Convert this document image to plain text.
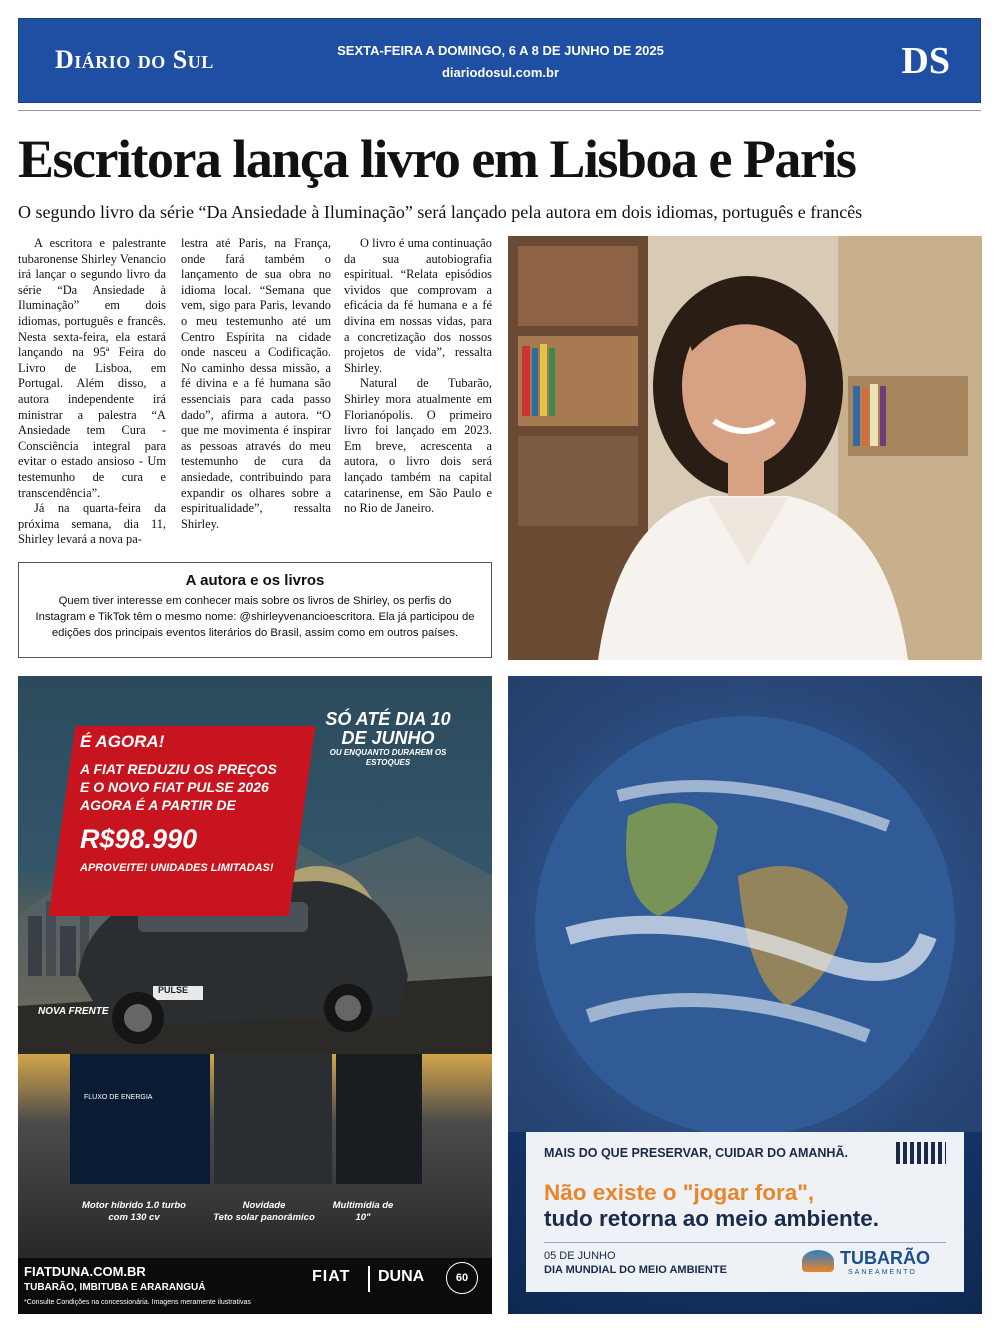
Diário do Sul	SEXTA-FEIRA A DOMINGO, 6 A 8 DE JUNHO DE 2025
diariodosul.com.br	DS
Escritora lança livro em Lisboa e Paris
O segundo livro da série “Da Ansiedade à Iluminação” será lançado pela autora em dois idiomas, português e francês

A escritora e palestrante tubaronense Shirley Venancio irá lançar o segundo livro da série “Da Ansiedade à Iluminação” em dois idiomas, português e francês. Nesta sexta-feira, ela estará lançando na 95ª Feira do Livro de Lisboa, em Portugal. Além disso, a autora independente irá ministrar a palestra “A Ansiedade tem Cura - Consciência integral para evitar o estado ansioso - Um testemunho de cura e transcendência”.

Já na quarta-feira da próxima semana, dia 11, Shirley levará a nova pa-

lestra até Paris, na França, onde fará também o lançamento de sua obra no idioma local. “Semana que vem, sigo para Paris, levando o meu testemunho até um Centro Espírita na cidade onde nasceu a Codificação. No caminho dessa missão, a fé divina e a fé humana são essenciais para cada passo dado”, afirma a autora. “O que me movimenta é inspirar as pessoas através do meu testemunho de cura da ansiedade, contribuindo para expandir os olhares sobre a espiritualidade”, ressalta Shirley.

O livro é uma continuação da sua autobiografia espiritual. “Relata episódios vividos que comprovam a eficácia da fé humana e a fé divina em nossas vidas, para a concretização dos nossos projetos de vida”, ressalta Shirley.

Natural de Tubarão, Shirley mora atualmente em Florianópolis. O primeiro livro foi lançado em 2023. Em breve, acrescenta a autora, o livro dois será lançado também na capital catarinense, em São Paulo e no Rio de Janeiro.

A autora e os livros

Quem tiver interesse em conhecer mais sobre os livros de Shirley, os perfis do Instagram e TikTok têm o mesmo nome: @shirleyvenancioescritora. Ela já participou de edições dos principais eventos literários do Brasil, assim como em outros países.

É AGORA!
A FIAT REDUZIU OS PREÇOS E O NOVO FIAT PULSE 2026 AGORA É A PARTIR DE
R$98.990
APROVEITE! UNIDADES LIMITADAS!
SÓ ATÉ DIA 10 DE JUNHO
OU ENQUANTO DURAREM OS ESTOQUES
PULSE
NOVA FRENTE
FLUXO DE ENERGIA
Motor híbrido 1.0 turbo com 130 cv
Novidade
Teto solar panorâmico
Multimídia de 10"
FIATDUNA.COM.BR
TUBARÃO, IMBITUBA E ARARANGUÁ
*Consulte Condições na concessionária. Imagens meramente ilustrativas
FIAT DUNA	60
MAIS DO QUE PRESERVAR, CUIDAR DO AMANHÃ.
Não existe o "jogar fora",
tudo retorna ao meio ambiente.
05 DE JUNHO
DIA MUNDIAL DO MEIO AMBIENTE
TUBARÃO
SANEAMENTO
